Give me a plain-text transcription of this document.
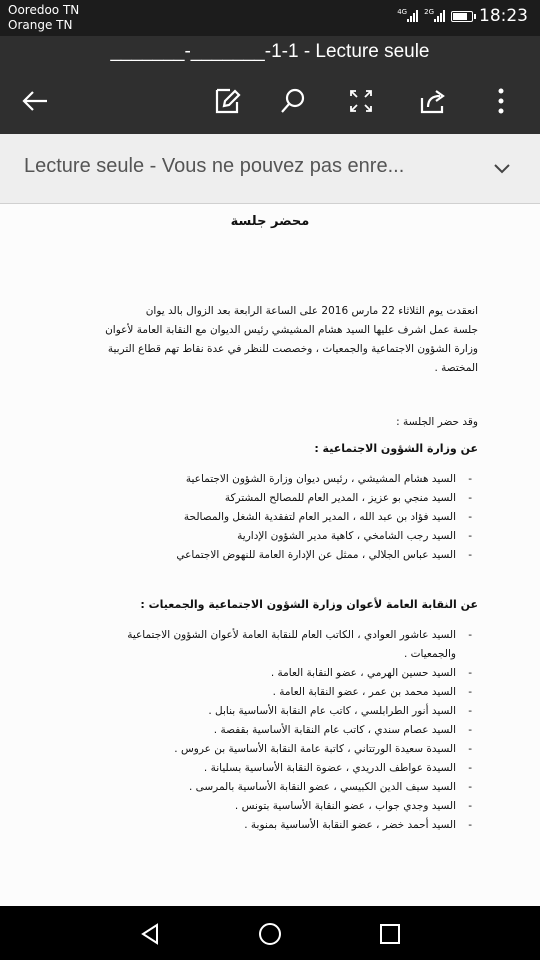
Ooredoo TN
Orange TN
4G 2G	18:23
_______-_______-1-1 - Lecture seule
Lecture seule - Vous ne pouvez pas enre...
محضر جلسة
انعقدت يوم الثلاثاء 22 مارس 2016 على الساعة الرابعة بعد الزوال بالد يوان
جلسة عمل اشرف عليها السيد هشام المشيشي رئيس الديوان مع النقابة العامة لأعوان
وزارة الشؤون الاجتماعية والجمعيات ، وخصصت للنظر في عدة نقاط تهم قطاع التربية
المختصة .
وقد حضر الجلسة :
عن وزارة الشؤون الاجتماعية :
- السيد هشام المشيشي ، رئيس ديوان وزارة الشؤون الاجتماعية
- السيد منجي بو عزيز ، المدير العام للمصالح المشتركة
- السيد فؤاد بن عبد الله ، المدير العام لتفقدية الشغل والمصالحة
- السيد رجب الشامخي ، كاهية مدير الشؤون الإدارية
- السيد عباس الجلالي ، ممثل عن الإدارة العامة للنهوض الاجتماعي
عن النقابة العامة لأعوان وزارة الشؤون الاجتماعية والجمعيات :
- السيد عاشور العوادي ، الكاتب العام للنقابة العامة لأعوان الشؤون الاجتماعية والجمعيات .
- السيد حسين الهرمي ، عضو النقابة العامة .
- السيد محمد بن عمر ، عضو النقابة العامة .
- السيد أنور الطرابلسي ، كاتب عام النقابة الأساسية بنابل .
- السيد عصام سندي ، كاتب عام النقابة الأساسية بقفصة .
- السيدة سعيدة الورتتاني ، كاتبة عامة النقابة الأساسية بن عروس .
- السيدة عواطف الدريدي ، عضوة النقابة الأساسية بسليانة .
- السيد سيف الدين الكبيسي ، عضو النقابة الأساسية بالمرسى .
- السيد وجدي جواب ، عضو النقابة الأساسية بتونس .
- السيد أحمد خضر ، عضو النقابة الأساسية بمنوبة .
